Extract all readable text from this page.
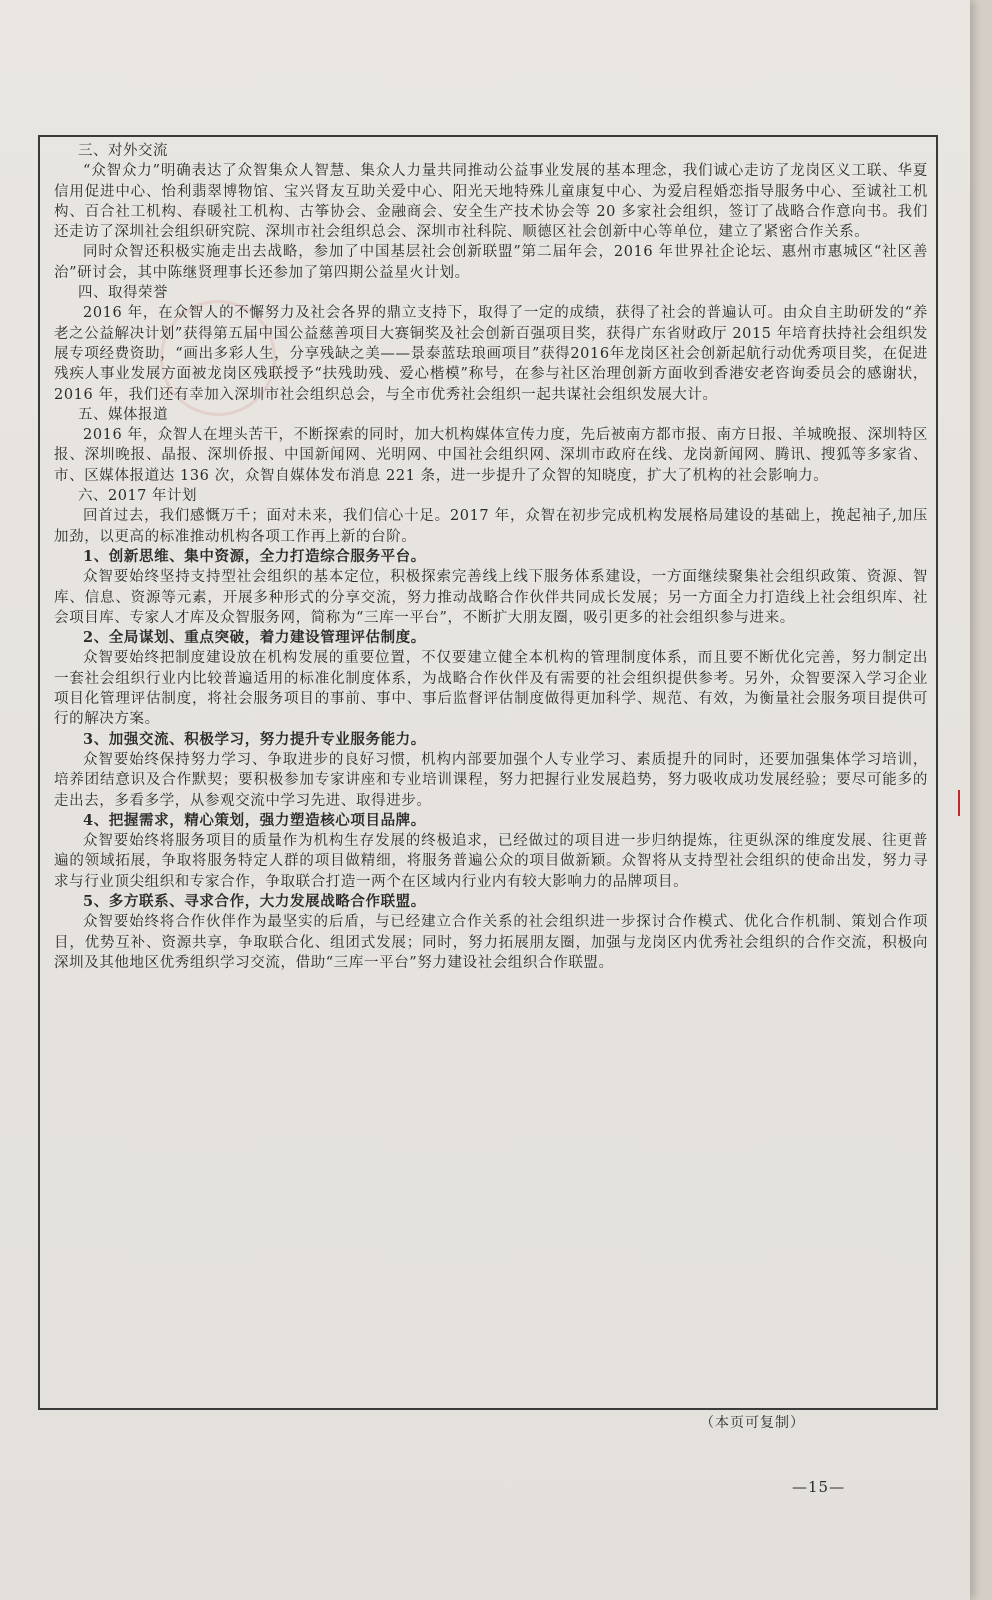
三、对外交流

“众智众力”明确表达了众智集众人智慧、集众人力量共同推动公益事业发展的基本理念，我们诚心走访了龙岗区义工联、华夏信用促进中心、怡利翡翠博物馆、宝兴肾友互助关爱中心、阳光天地特殊儿童康复中心、为爱启程婚恋指导服务中心、至诚社工机构、百合社工机构、春暖社工机构、古筝协会、金融商会、安全生产技术协会等 20 多家社会组织，签订了战略合作意向书。我们还走访了深圳社会组织研究院、深圳市社会组织总会、深圳市社科院、顺德区社会创新中心等单位，建立了紧密合作关系。

同时众智还积极实施走出去战略，参加了中国基层社会创新联盟”第二届年会，2016 年世界社企论坛、惠州市惠城区“社区善治”研讨会，其中陈继贤理事长还参加了第四期公益星火计划。

四、取得荣誉

2016 年，在众智人的不懈努力及社会各界的鼎立支持下，取得了一定的成绩，获得了社会的普遍认可。由众自主助研发的“养老之公益解决计划”获得第五届中国公益慈善项目大赛铜奖及社会创新百强项目奖，获得广东省财政厅 2015 年培育扶持社会组织发展专项经费资助，“画出多彩人生，分享残缺之美——景泰蓝珐琅画项目”获得2016年龙岗区社会创新起航行动优秀项目奖，在促进残疾人事业发展方面被龙岗区残联授予“扶残助残、爱心楷模”称号，在参与社区治理创新方面收到香港安老咨询委员会的感谢状，2016 年，我们还有幸加入深圳市社会组织总会，与全市优秀社会组织一起共谋社会组织发展大计。

五、媒体报道

2016 年，众智人在埋头苦干，不断探索的同时，加大机构媒体宣传力度，先后被南方都市报、南方日报、羊城晚报、深圳特区报、深圳晚报、晶报、深圳侨报、中国新闻网、光明网、中国社会组织网、深圳市政府在线、龙岗新闻网、腾讯、搜狐等多家省、市、区媒体报道达 136 次，众智自媒体发布消息 221 条，进一步提升了众智的知晓度，扩大了机构的社会影响力。

六、2017 年计划

回首过去，我们感慨万千；面对未来，我们信心十足。2017 年，众智在初步完成机构发展格局建设的基础上，挽起袖子,加压加劲，以更高的标准推动机构各项工作再上新的台阶。

1、创新思维、集中资源，全力打造综合服务平台。

众智要始终坚持支持型社会组织的基本定位，积极探索完善线上线下服务体系建设，一方面继续聚集社会组织政策、资源、智库、信息、资源等元素，开展多种形式的分享交流，努力推动战略合作伙伴共同成长发展；另一方面全力打造线上社会组织库、社会项目库、专家人才库及众智服务网，简称为“三库一平台”，不断扩大朋友圈，吸引更多的社会组织参与进来。

2、全局谋划、重点突破，着力建设管理评估制度。

众智要始终把制度建设放在机构发展的重要位置，不仅要建立健全本机构的管理制度体系，而且要不断优化完善，努力制定出一套社会组织行业内比较普遍适用的标准化制度体系，为战略合作伙伴及有需要的社会组织提供参考。另外，众智要深入学习企业项目化管理评估制度，将社会服务项目的事前、事中、事后监督评估制度做得更加科学、规范、有效，为衡量社会服务项目提供可行的解决方案。

3、加强交流、积极学习，努力提升专业服务能力。

众智要始终保持努力学习、争取进步的良好习惯，机构内部要加强个人专业学习、素质提升的同时，还要加强集体学习培训，培养团结意识及合作默契；要积极参加专家讲座和专业培训课程，努力把握行业发展趋势，努力吸收成功发展经验；要尽可能多的走出去，多看多学，从参观交流中学习先进、取得进步。

4、把握需求，精心策划，强力塑造核心项目品牌。

众智要始终将服务项目的质量作为机构生存发展的终极追求，已经做过的项目进一步归纳提炼，往更纵深的维度发展、往更普遍的领域拓展，争取将服务特定人群的项目做精细，将服务普遍公众的项目做新颖。众智将从支持型社会组织的使命出发，努力寻求与行业顶尖组织和专家合作，争取联合打造一两个在区域内行业内有较大影响力的品牌项目。

5、多方联系、寻求合作，大力发展战略合作联盟。

众智要始终将合作伙伴作为最坚实的后盾，与已经建立合作关系的社会组织进一步探讨合作模式、优化合作机制、策划合作项目，优势互补、资源共享，争取联合化、组团式发展；同时，努力拓展朋友圈，加强与龙岗区内优秀社会组织的合作交流，积极向深圳及其他地区优秀组织学习交流，借助“三库一平台”努力建设社会组织合作联盟。

（本页可复制）
—15—
